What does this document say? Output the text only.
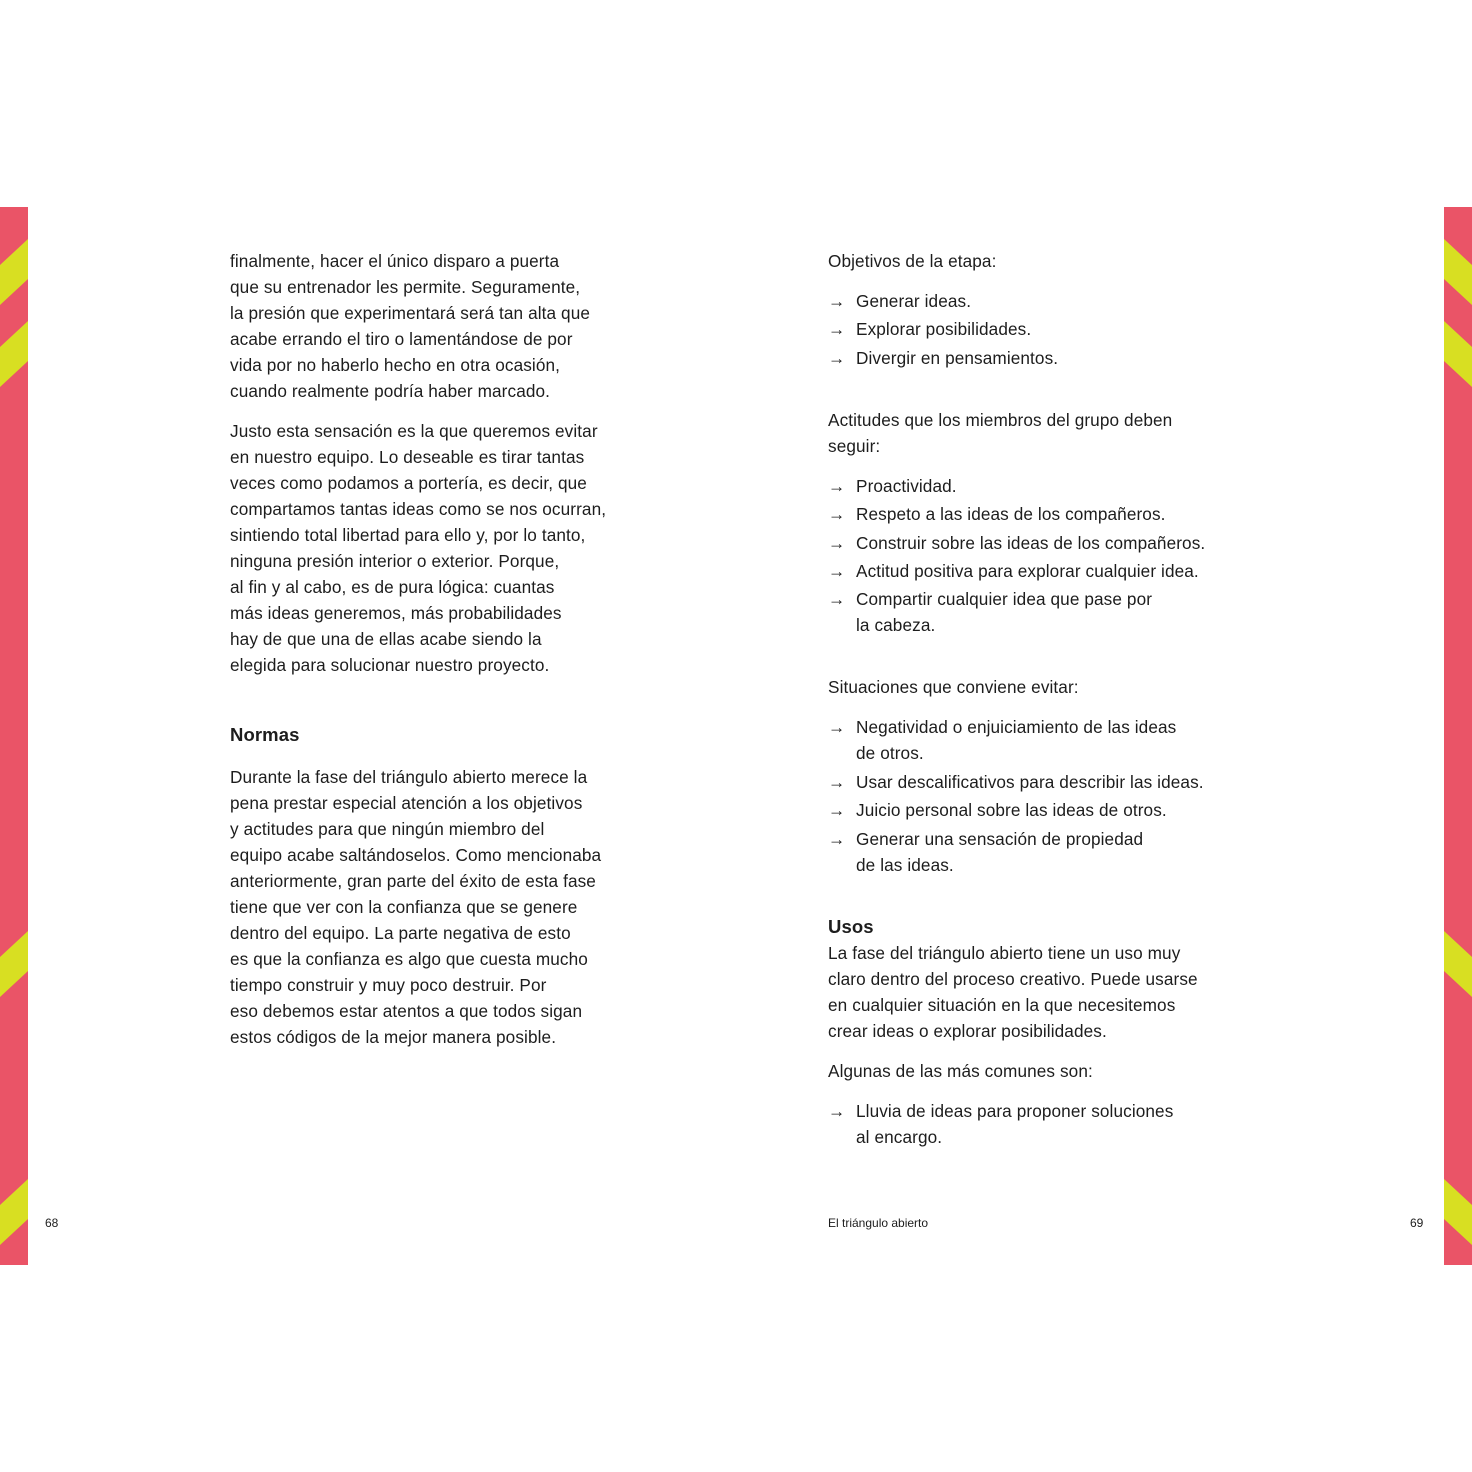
finalmente, hacer el único disparo a puerta
que su entrenador les permite. Seguramente,
la presión que experimentará será tan alta que
acabe errando el tiro o lamentándose de por
vida por no haberlo hecho en otra ocasión,
cuando realmente podría haber marcado.

Justo esta sensación es la que queremos evitar
en nuestro equipo. Lo deseable es tirar tantas
veces como podamos a portería, es decir, que
compartamos tantas ideas como se nos ocurran,
sintiendo total libertad para ello y, por lo tanto,
ninguna presión interior o exterior. Porque,
al fin y al cabo, es de pura lógica: cuantas
más ideas generemos, más probabilidades
hay de que una de ellas acabe siendo la
elegida para solucionar nuestro proyecto.

Normas

Durante la fase del triángulo abierto merece la
pena prestar especial atención a los objetivos
y actitudes para que ningún miembro del
equipo acabe saltándoselos. Como mencionaba
anteriormente, gran parte del éxito de esta fase
tiene que ver con la confianza que se genere
dentro del equipo. La parte negativa de esto
es que la confianza es algo que cuesta mucho
tiempo construir y muy poco destruir. Por
eso debemos estar atentos a que todos sigan
estos códigos de la mejor manera posible.

Objetivos de la etapa:

→ Generar ideas.
→ Explorar posibilidades.
→ Divergir en pensamientos.

Actitudes que los miembros del grupo deben
seguir:

→ Proactividad.
→ Respeto a las ideas de los compañeros.
→ Construir sobre las ideas de los compañeros.
→ Actitud positiva para explorar cualquier idea.
→ Compartir cualquier idea que pase por
la cabeza.

Situaciones que conviene evitar:

→ Negatividad o enjuiciamiento de las ideas
de otros.
→ Usar descalificativos para describir las ideas.
→ Juicio personal sobre las ideas de otros.
→ Generar una sensación de propiedad
de las ideas.
Usos

La fase del triángulo abierto tiene un uso muy
claro dentro del proceso creativo. Puede usarse
en cualquier situación en la que necesitemos
crear ideas o explorar posibilidades.

Algunas de las más comunes son:

→ Lluvia de ideas para proponer soluciones
al encargo.
68	El triángulo abierto	69
